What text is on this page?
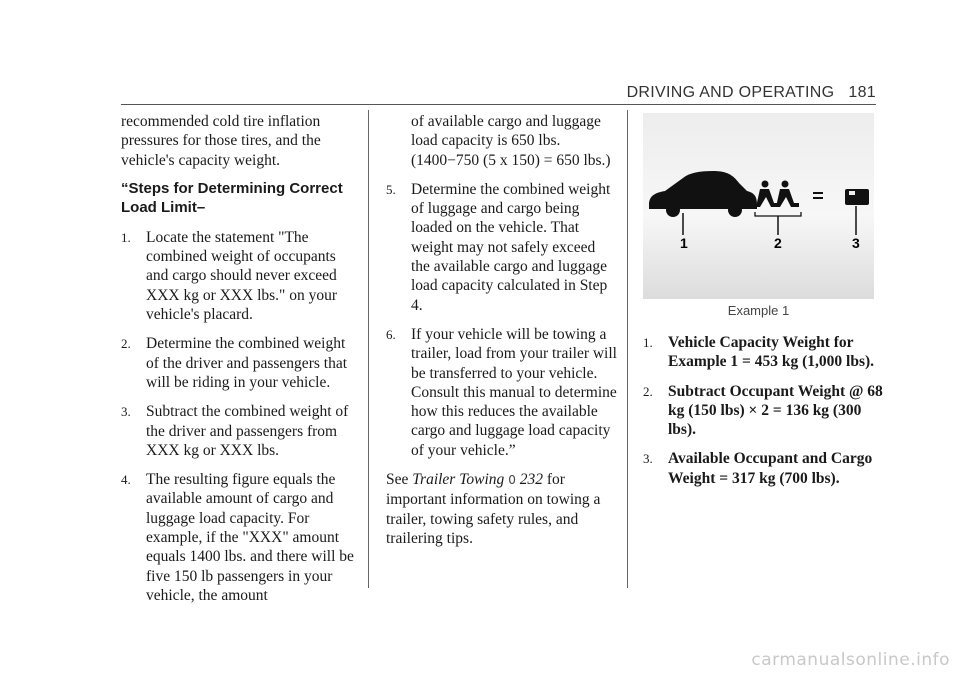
DRIVING AND OPERATING 181

recommended cold tire inflation pressures for those tires, and the vehicle's capacity weight.

“Steps for Determining Correct Load Limit–
1. Locate the statement "The combined weight of occupants and cargo should never exceed XXX kg or XXX lbs." on your vehicle's placard.
2. Determine the combined weight of the driver and passengers that will be riding in your vehicle.
3. Subtract the combined weight of the driver and passengers from XXX kg or XXX lbs.
4. The resulting figure equals the available amount of cargo and luggage load capacity. For example, if the "XXX" amount equals 1400 lbs. and there will be five 150 lb passengers in your vehicle, the amount
of available cargo and luggage load capacity is 650 lbs. (1400−750 (5 x 150) = 650 lbs.)
5. Determine the combined weight of luggage and cargo being loaded on the vehicle. That weight may not safely exceed the available cargo and luggage load capacity calculated in Step 4.
6. If your vehicle will be towing a trailer, load from your trailer will be transferred to your vehicle. Consult this manual to determine how this reduces the available cargo and luggage load capacity of your vehicle.”

See Trailer Towing 0 232 for important information on towing a trailer, towing safety rules, and trailering tips.

1	2	3
Example 1
1. Vehicle Capacity Weight for Example 1 = 453 kg (1,000 lbs).
2. Subtract Occupant Weight @ 68 kg (150 lbs) × 2 = 136 kg (300 lbs).
3. Available Occupant and Cargo Weight = 317 kg (700 lbs).
carmanualsonline.info
